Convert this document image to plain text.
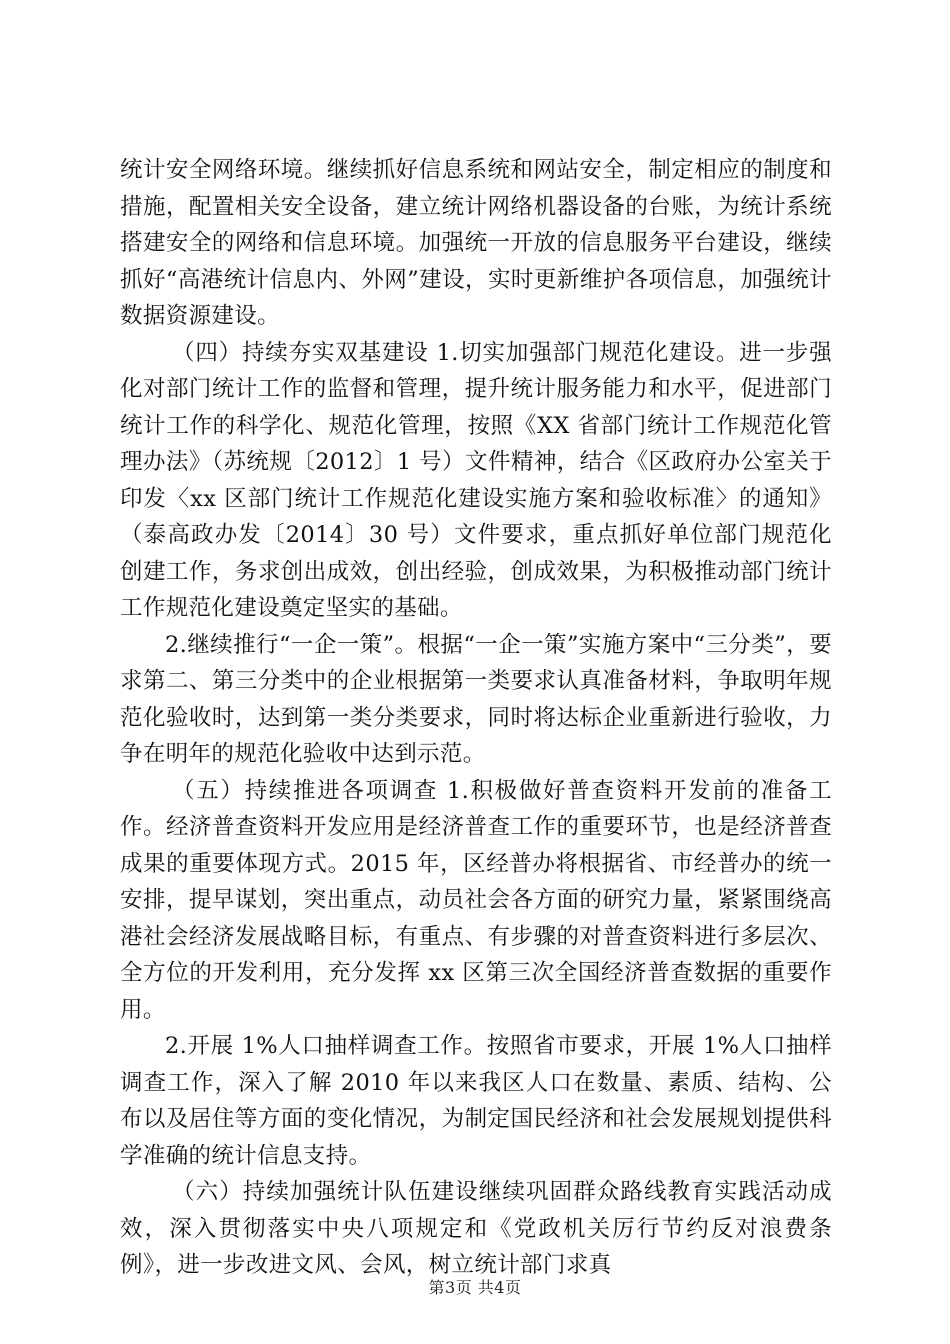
统计安全网络环境。继续抓好信息系统和网站安全，制定相应的制度和措施，配置相关安全设备，建立统计网络机器设备的台账，为统计系统搭建安全的网络和信息环境。加强统一开放的信息服务平台建设，继续抓好“高港统计信息内、外网”建设，实时更新维护各项信息，加强统计数据资源建设。

（四）持续夯实双基建设 1.切实加强部门规范化建设。进一步强化对部门统计工作的监督和管理，提升统计服务能力和水平，促进部门统计工作的科学化、规范化管理，按照《XX 省部门统计工作规范化管理办法》（苏统规〔2012〕1 号）文件精神，结合《区政府办公室关于印发〈xx 区部门统计工作规范化建设实施方案和验收标准〉的通知》（泰高政办发〔2014〕30 号）文件要求，重点抓好单位部门规范化创建工作，务求创出成效，创出经验，创成效果，为积极推动部门统计工作规范化建设奠定坚实的基础。

2.继续推行“一企一策”。根据“一企一策”实施方案中“三分类”，要求第二、第三分类中的企业根据第一类要求认真准备材料，争取明年规范化验收时，达到第一类分类要求，同时将达标企业重新进行验收，力争在明年的规范化验收中达到示范。

（五）持续推进各项调查 1.积极做好普查资料开发前的准备工作。经济普查资料开发应用是经济普查工作的重要环节，也是经济普查成果的重要体现方式。2015 年，区经普办将根据省、市经普办的统一安排，提早谋划，突出重点，动员社会各方面的研究力量，紧紧围绕高港社会经济发展战略目标，有重点、有步骤的对普查资料进行多层次、全方位的开发利用，充分发挥 xx 区第三次全国经济普查数据的重要作用。

2.开展 1%人口抽样调查工作。按照省市要求，开展 1%人口抽样调查工作，深入了解 2010 年以来我区人口在数量、素质、结构、公布以及居住等方面的变化情况，为制定国民经济和社会发展规划提供科学准确的统计信息支持。

（六）持续加强统计队伍建设继续巩固群众路线教育实践活动成效，深入贯彻落实中央八项规定和《党政机关厉行节约反对浪费条例》，进一步改进文风、会风，树立统计部门求真

第3页 共4页
